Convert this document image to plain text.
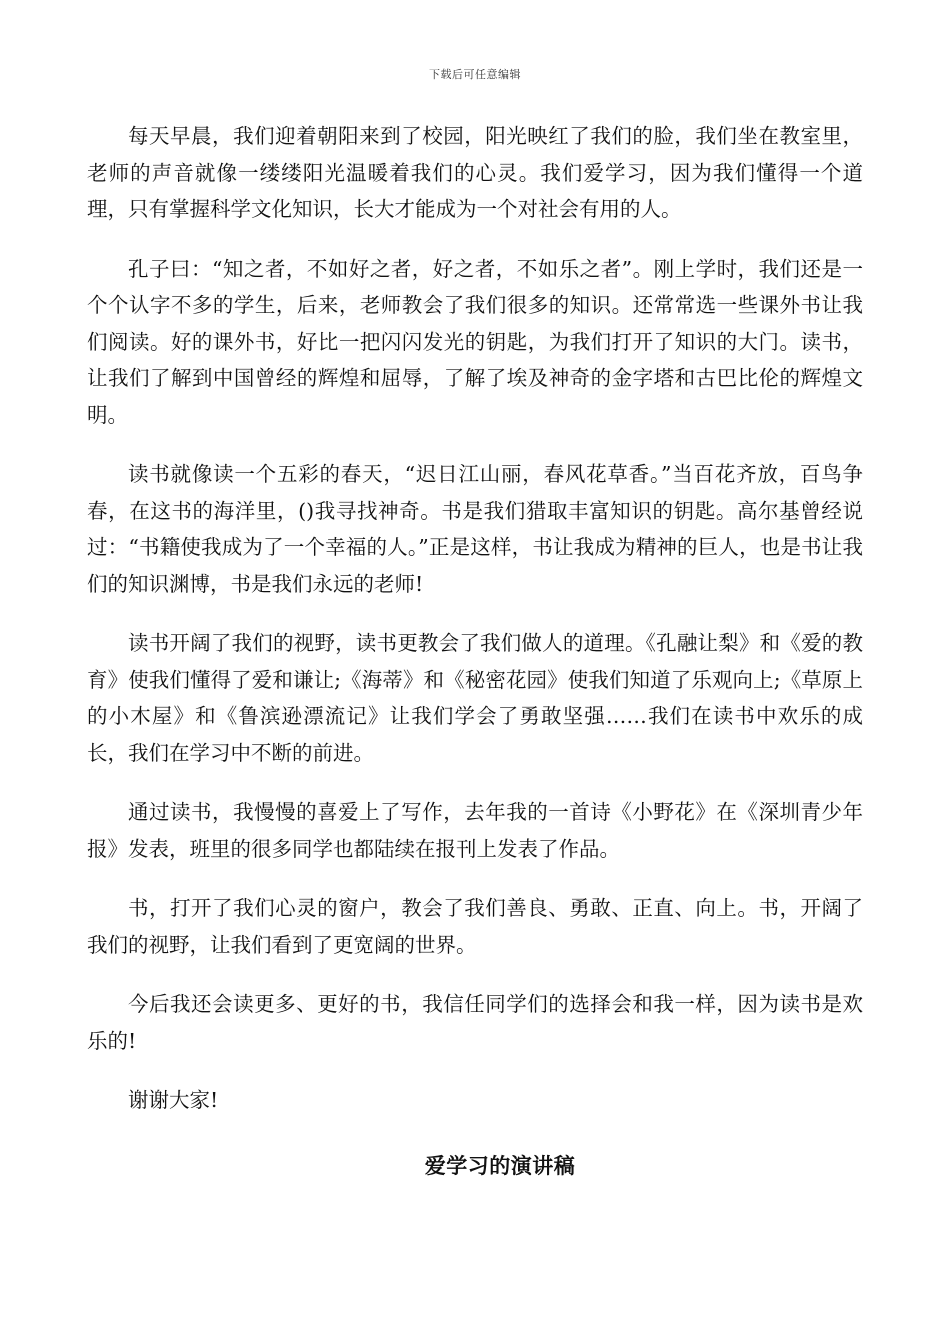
下载后可任意编辑

每天早晨，我们迎着朝阳来到了校园，阳光映红了我们的脸，我们坐在教室里，老师的声音就像一缕缕阳光温暖着我们的心灵。我们爱学习，因为我们懂得一个道理，只有掌握科学文化知识，长大才能成为一个对社会有用的人。

孔子曰：“知之者，不如好之者，好之者，不如乐之者”。刚上学时，我们还是一个个认字不多的学生，后来，老师教会了我们很多的知识。还常常选一些课外书让我们阅读。好的课外书，好比一把闪闪发光的钥匙，为我们打开了知识的大门。读书，让我们了解到中国曾经的辉煌和屈辱，了解了埃及神奇的金字塔和古巴比伦的辉煌文明。

读书就像读一个五彩的春天，“迟日江山丽，春风花草香。”当百花齐放，百鸟争春，在这书的海洋里，()我寻找神奇。书是我们猎取丰富知识的钥匙。高尔基曾经说过：“书籍使我成为了一个幸福的人。”正是这样，书让我成为精神的巨人，也是书让我们的知识渊博，书是我们永远的老师!

读书开阔了我们的视野，读书更教会了我们做人的道理。《孔融让梨》和《爱的教育》使我们懂得了爱和谦让;《海蒂》和《秘密花园》使我们知道了乐观向上;《草原上的小木屋》和《鲁滨逊漂流记》让我们学会了勇敢坚强……我们在读书中欢乐的成长，我们在学习中不断的前进。

通过读书，我慢慢的喜爱上了写作，去年我的一首诗《小野花》在《深圳青少年报》发表，班里的很多同学也都陆续在报刊上发表了作品。

书，打开了我们心灵的窗户，教会了我们善良、勇敢、正直、向上。书，开阔了我们的视野，让我们看到了更宽阔的世界。

今后我还会读更多、更好的书，我信任同学们的选择会和我一样，因为读书是欢乐的!

谢谢大家!

爱学习的演讲稿
